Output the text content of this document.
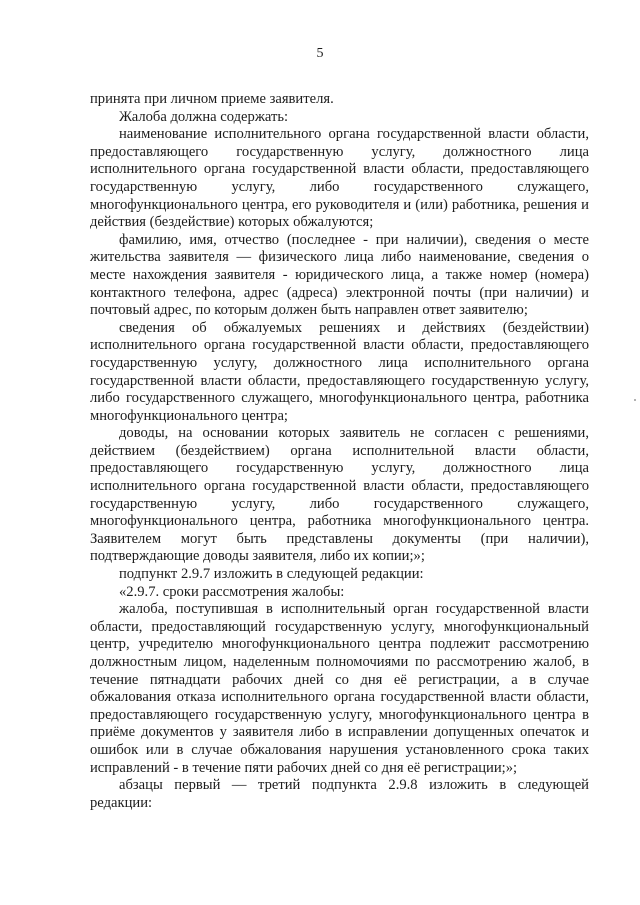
5

принята при личном приеме заявителя.

Жалоба должна содержать:

наименование исполнительного органа государственной власти области, предоставляющего государственную услугу, должностного лица исполнительного органа государственной власти области, предоставляющего государственную услугу, либо государственного служащего, многофункционального центра, его руководителя и (или) работника, решения и действия (бездействие) которых обжалуются;

фамилию, имя, отчество (последнее - при наличии), сведения о месте жительства заявителя — физического лица либо наименование, сведения о месте нахождения заявителя - юридического лица, а также номер (номера) контактного телефона, адрес (адреса) электронной почты (при наличии) и почтовый адрес, по которым должен быть направлен ответ заявителю;

сведения об обжалуемых решениях и действиях (бездействии) исполнительного органа государственной власти области, предоставляющего государственную услугу, должностного лица исполнительного органа государственной власти области, предоставляющего государственную услугу, либо государственного служащего, многофункционального центра, работника многофункционального центра;

доводы, на основании которых заявитель не согласен с решениями, действием (бездействием) органа исполнительной власти области, предоставляющего государственную услугу, должностного лица исполнительного органа государственной власти области, предоставляющего государственную услугу, либо государственного служащего, многофункционального центра, работника многофункционального центра. Заявителем могут быть представлены документы (при наличии), подтверждающие доводы заявителя, либо их копии;»;

подпункт 2.9.7 изложить в следующей редакции:

«2.9.7. сроки рассмотрения жалобы:

жалоба, поступившая в исполнительный орган государственной власти области, предоставляющий государственную услугу, многофункциональный центр, учредителю многофункционального центра подлежит рассмотрению должностным лицом, наделенным полномочиями по рассмотрению жалоб, в течение пятнадцати рабочих дней со дня её регистрации, а в случае обжалования отказа исполнительного органа государственной власти области, предоставляющего государственную услугу, многофункционального центра в приёме документов у заявителя либо в исправлении допущенных опечаток и ошибок или в случае обжалования нарушения установленного срока таких исправлений - в течение пяти рабочих дней со дня её регистрации;»;

абзацы первый — третий подпункта 2.9.8 изложить в следующей редакции:
